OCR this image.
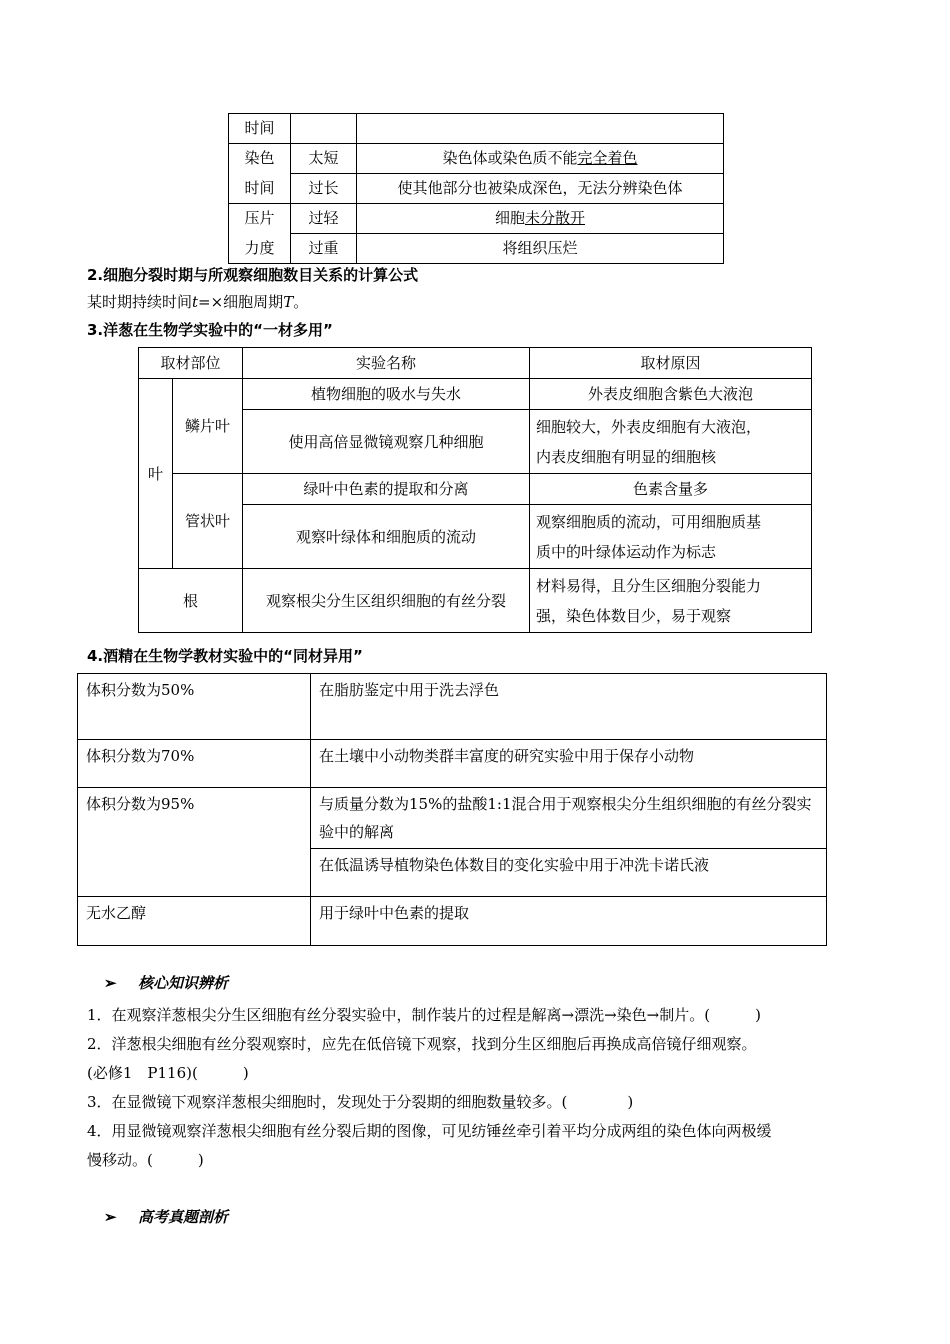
时间		
染色	太短	染色体或染色质不能完全着色
时间	过长	使其他部分也被染成深色，无法分辨染色体
压片	过轻	细胞未分散开
力度	过重	将组织压烂
2.细胞分裂时期与所观察细胞数目关系的计算公式
某时期持续时间t=×细胞周期T。
3.洋葱在生物学实验中的“一材多用”
取材部位		实验名称	取材原因
叶	鳞片叶	植物细胞的吸水与失水	外表皮细胞含紫色大液泡
		使用高倍显微镜观察几种细胞	细胞较大，外表皮细胞有大液泡，
内表皮细胞有明显的细胞核

	管状叶	绿叶中色素的提取和分离	色素含量多
		观察叶绿体和细胞质的流动	观察细胞质的流动，可用细胞质基
质中的叶绿体运动作为标志

根		观察根尖分生区组织细胞的有丝分裂	材料易得，且分生区细胞分裂能力
强，染色体数目少，易于观察
4.酒精在生物学教材实验中的“同材异用”
体积分数为50%	在脂肪鉴定中用于洗去浮色
体积分数为70%	在土壤中小动物类群丰富度的研究实验中用于保存小动物
体积分数为95%	与质量分数为15%的盐酸1:1混合用于观察根尖分生组织细胞的有丝分裂实验中的解离
	在低温诱导植物染色体数目的变化实验中用于冲洗卡诺氏液
无水乙醇	用于绿叶中色素的提取
➢ 核心知识辨析
1．在观察洋葱根尖分生区细胞有丝分裂实验中，制作装片的过程是解离→漂洗→染色→制片。(　　　)
2．洋葱根尖细胞有丝分裂观察时，应先在低倍镜下观察，找到分生区细胞后再换成高倍镜仔细观察。
(必修1　P116)(　　　)
3．在显微镜下观察洋葱根尖细胞时，发现处于分裂期的细胞数量较多。(　　　　)
4．用显微镜观察洋葱根尖细胞有丝分裂后期的图像，可见纺锤丝牵引着平均分成两组的染色体向两极缓
慢移动。(　　　)
➢ 高考真题剖析
